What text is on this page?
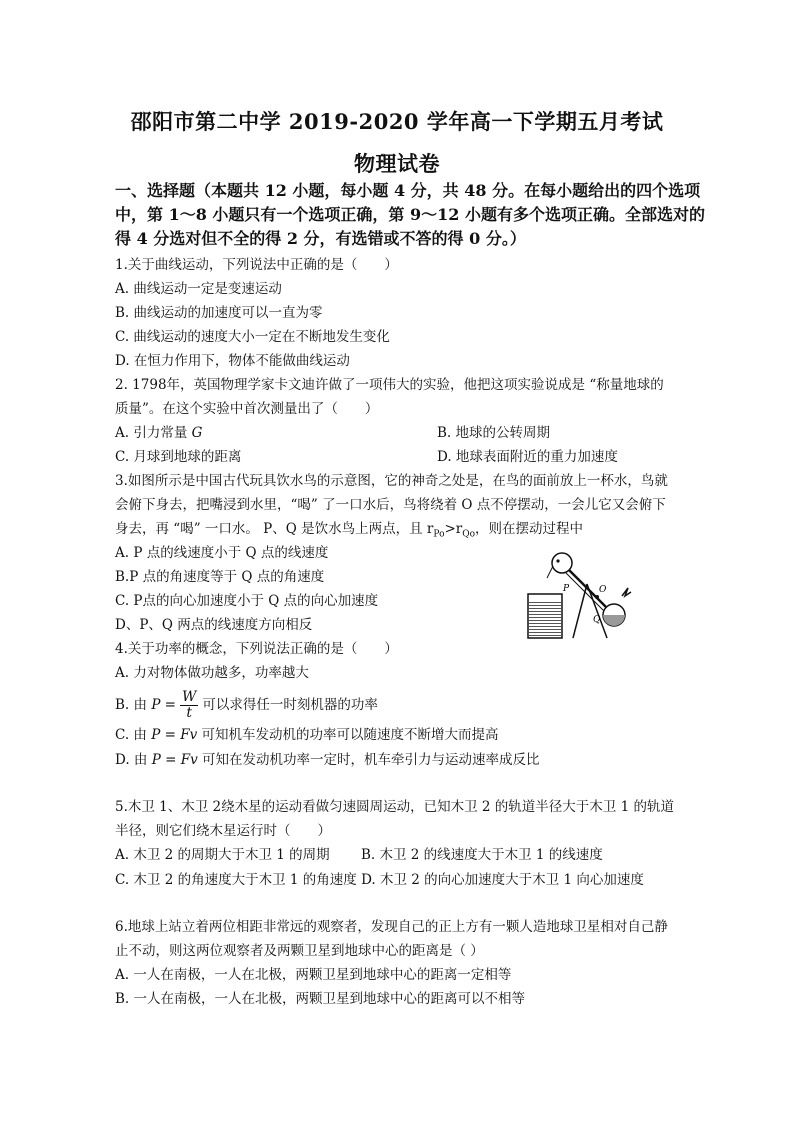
邵阳市第二中学 2019-2020 学年高一下学期五月考试
物理试卷
一、选择题（本题共 12 小题，每小题 4 分，共 48 分。在每小题给出的四个选项
中，第 1～8 小题只有一个选项正确，第 9～12 小题有多个选项正确。全部选对的
得 4 分选对但不全的得 2 分，有选错或不答的得 0 分。）
1.关于曲线运动，下列说法中正确的是（　　）
A. 曲线运动一定是变速运动
B. 曲线运动的加速度可以一直为零
C. 曲线运动的速度大小一定在不断地发生变化
D. 在恒力作用下，物体不能做曲线运动
2. 1798年，英国物理学家卡文迪许做了一项伟大的实验，他把这项实验说成是 “称量地球的
质量”。在这个实验中首次测量出了（　　）
A. 引力常量 G	B. 地球的公转周期
C. 月球到地球的距离	D. 地球表面附近的重力加速度
3.如图所示是中国古代玩具饮水鸟的示意图，它的神奇之处是，在鸟的面前放上一杯水，鸟就
会俯下身去，把嘴浸到水里，“喝” 了一口水后，鸟将绕着 O 点不停摆动，一会儿它又会俯下
身去，再 “喝” 一口水。 P、Q 是饮水鸟上两点，且 $r_{Po}>r_{Qo}$，则在摆动过程中
A. P 点的线速度小于 Q 点的线速度
B.P 点的角速度等于 Q 点的角速度
C. P点的向心加速度小于 Q 点的向心加速度
D、P、Q 两点的线速度方向相反
P	O
Q
4.关于功率的概念，下列说法正确的是（　　）
A. 力对物体做功越多，功率越大
B. 由 $P = \frac{W}{t}$ 可以求得任一时刻机器的功率
C. 由 P = Fv 可知机车发动机的功率可以随速度不断增大而提高
D. 由 P = Fv 可知在发动机功率一定时，机车牵引力与运动速率成反比
5.木卫 1、木卫 2绕木星的运动看做匀速圆周运动，已知木卫 2 的轨道半径大于木卫 1 的轨道
半径，则它们绕木星运行时（　　）
A. 木卫 2 的周期大于木卫 1 的周期　　 B. 木卫 2 的线速度大于木卫 1 的线速度
C. 木卫 2 的角速度大于木卫 1 的角速度 D. 木卫 2 的向心加速度大于木卫 1 向心加速度
6.地球上站立着两位相距非常远的观察者，发现自己的正上方有一颗人造地球卫星相对自己静
止不动，则这两位观察者及两颗卫星到地球中心的距离是（ ）
A. 一人在南极，一人在北极，两颗卫星到地球中心的距离一定相等
B. 一人在南极，一人在北极，两颗卫星到地球中心的距离可以不相等
